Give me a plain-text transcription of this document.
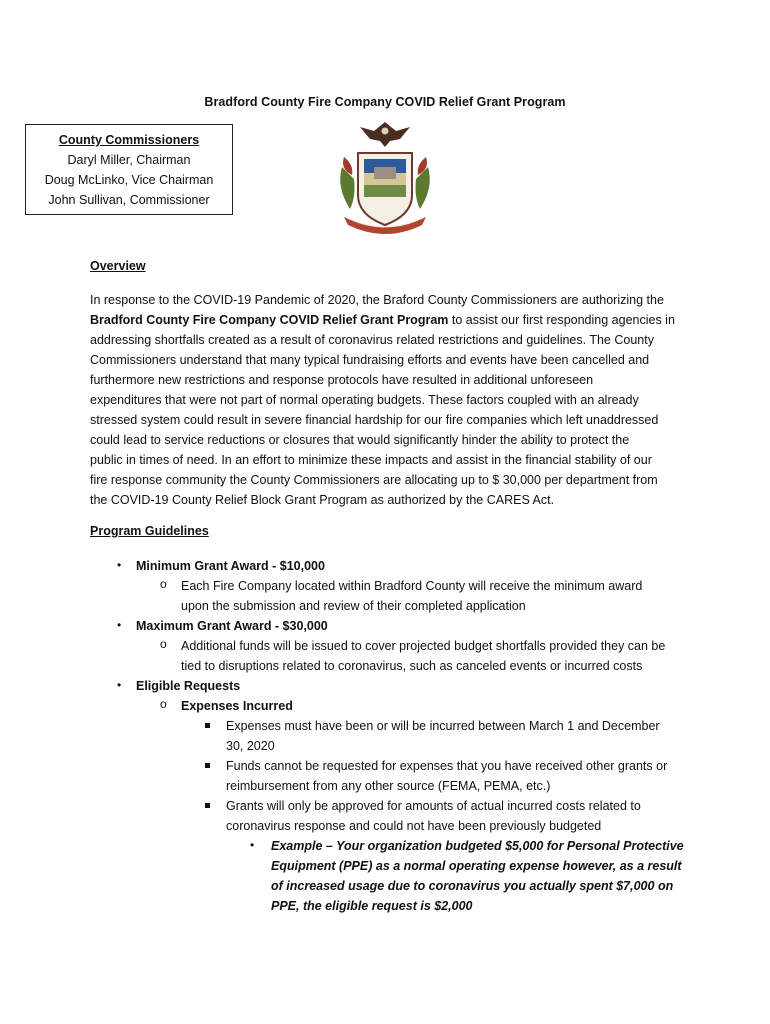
Bradford County Fire Company COVID Relief Grant Program
County Commissioners
Daryl Miller, Chairman
Doug McLinko, Vice Chairman
John Sullivan, Commissioner
Overview
In response to the COVID-19 Pandemic of 2020, the Braford County Commissioners are authorizing the
Bradford County Fire Company COVID Relief Grant Program to assist our first responding agencies in
addressing shortfalls created as a result of coronavirus related restrictions and guidelines. The County
Commissioners understand that many typical fundraising efforts and events have been cancelled and
furthermore new restrictions and response protocols have resulted in additional unforeseen
expenditures that were not part of normal operating budgets. These factors coupled with an already
stressed system could result in severe financial hardship for our fire companies which left unaddressed
could lead to service reductions or closures that would significantly hinder the ability to protect the
public in times of need. In an effort to minimize these impacts and assist in the financial stability of our
fire response community the County Commissioners are allocating up to $ 30,000 per department from
the COVID-19 County Relief Block Grant Program as authorized by the CARES Act.
Program Guidelines
• Minimum Grant Award - $10,000
o Each Fire Company located within Bradford County will receive the minimum award
upon the submission and review of their completed application
• Maximum Grant Award - $30,000
o Additional funds will be issued to cover projected budget shortfalls provided they can be
tied to disruptions related to coronavirus, such as canceled events or incurred costs
• Eligible Requests
o Expenses Incurred
Expenses must have been or will be incurred between March 1 and December
30, 2020
Funds cannot be requested for expenses that you have received other grants or
reimbursement from any other source (FEMA, PEMA, etc.)
Grants will only be approved for amounts of actual incurred costs related to
coronavirus response and could not have been previously budgeted
• Example – Your organization budgeted $5,000 for Personal Protective
Equipment (PPE) as a normal operating expense however, as a result
of increased usage due to coronavirus you actually spent $7,000 on
PPE, the eligible request is $2,000
